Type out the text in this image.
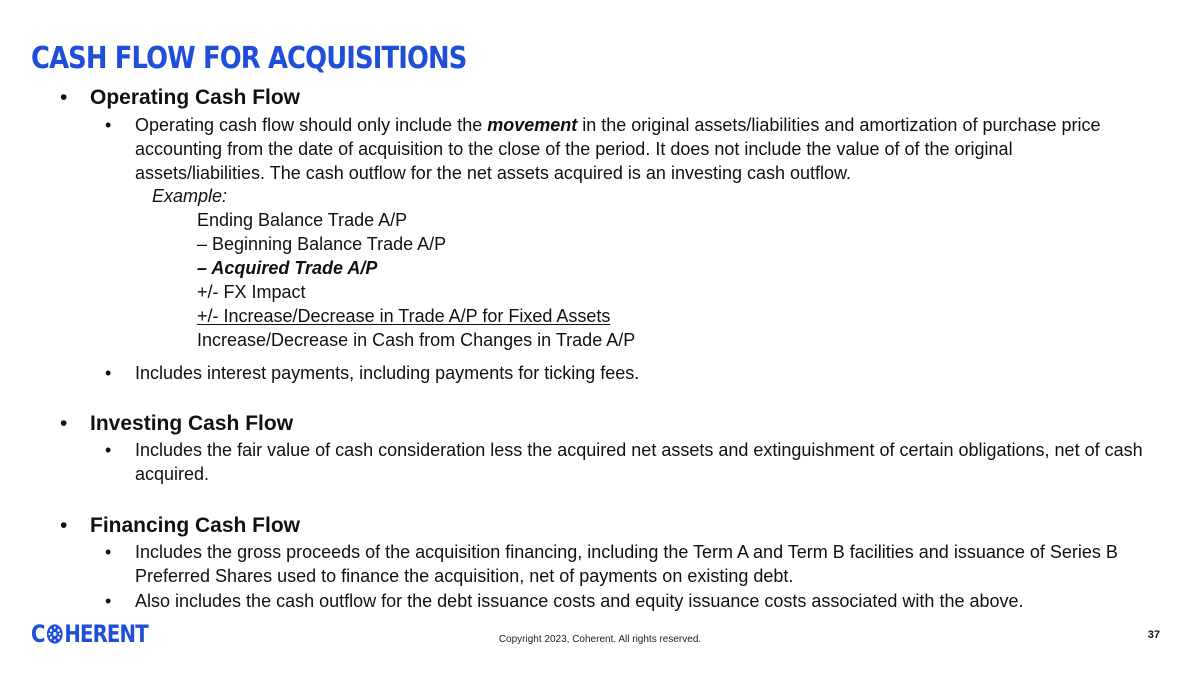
CASH FLOW FOR ACQUISITIONS
• Operating Cash Flow
• Operating cash flow should only include the movement in the original assets/liabilities and amortization of purchase price accounting from the date of acquisition to the close of the period. It does not include the value of of the original assets/liabilities. The cash outflow for the net assets acquired is an investing cash outflow.
Example:
Ending Balance Trade A/P
– Beginning Balance Trade A/P
– Acquired Trade A/P
+/- FX Impact
+/- Increase/Decrease in Trade A/P for Fixed Assets
Increase/Decrease in Cash from Changes in Trade A/P
• Includes interest payments, including payments for ticking fees.
• Investing Cash Flow
• Includes the fair value of cash consideration less the acquired net assets and extinguishment of certain obligations, net of cash acquired.
• Financing Cash Flow
• Includes the gross proceeds of the acquisition financing, including the Term A and Term B facilities and issuance of Series B Preferred Shares used to finance the acquisition, net of payments on existing debt.
• Also includes the cash outflow for the debt issuance costs and equity issuance costs associated with the above.
C HERENT	Copyright 2023, Coherent. All rights reserved.	37
